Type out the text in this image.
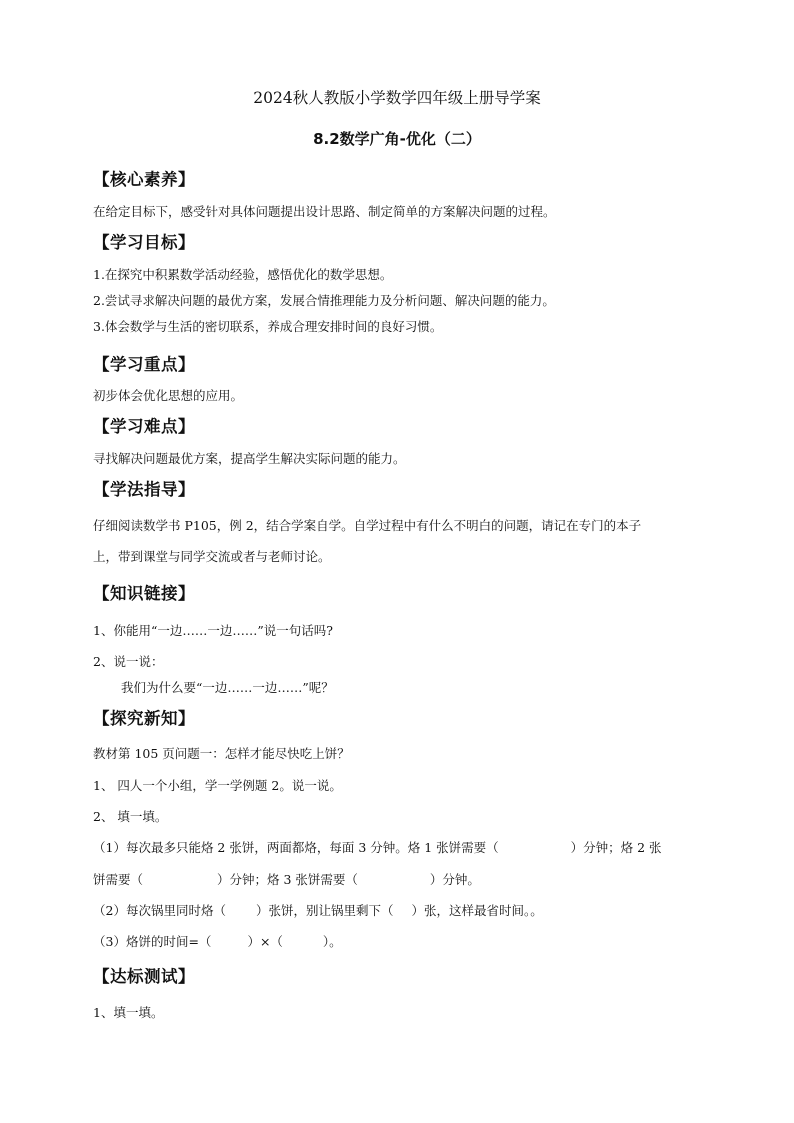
2024秋人教版小学数学四年级上册导学案
8.2数学广角-优化（二）
【核心素养】
在给定目标下，感受针对具体问题提出设计思路、制定简单的方案解决问题的过程。
【学习目标】
1.在探究中积累数学活动经验，感悟优化的数学思想。
2.尝试寻求解决问题的最优方案，发展合情推理能力及分析问题、解决问题的能力。
3.体会数学与生活的密切联系，养成合理安排时间的良好习惯。
【学习重点】
初步体会优化思想的应用。
【学习难点】
寻找解决问题最优方案，提高学生解决实际问题的能力。
【学法指导】
仔细阅读数学书 P105，例 2，结合学案自学。自学过程中有什么不明白的问题，请记在专门的本子
上，带到课堂与同学交流或者与老师讨论。
【知识链接】
1、你能用“一边……一边……”说一句话吗?
2、说一说：
我们为什么要“一边……一边……”呢？
【探究新知】
教材第 105 页问题一：怎样才能尽快吃上饼？
1、 四人一个小组，学一学例题 2。说一说。
2、 填一填。
（1）每次最多只能烙 2 张饼，两面都烙，每面 3 分钟。烙 1 张饼需要（	）分钟；烙 2 张
饼需要（	）分钟；烙 3 张饼需要（	）分钟。
（2）每次锅里同时烙（ ）张饼，别让锅里剩下（ ）张，这样最省时间。。
（3）烙饼的时间=（	）×（	）。
【达标测试】
1、填一填。
